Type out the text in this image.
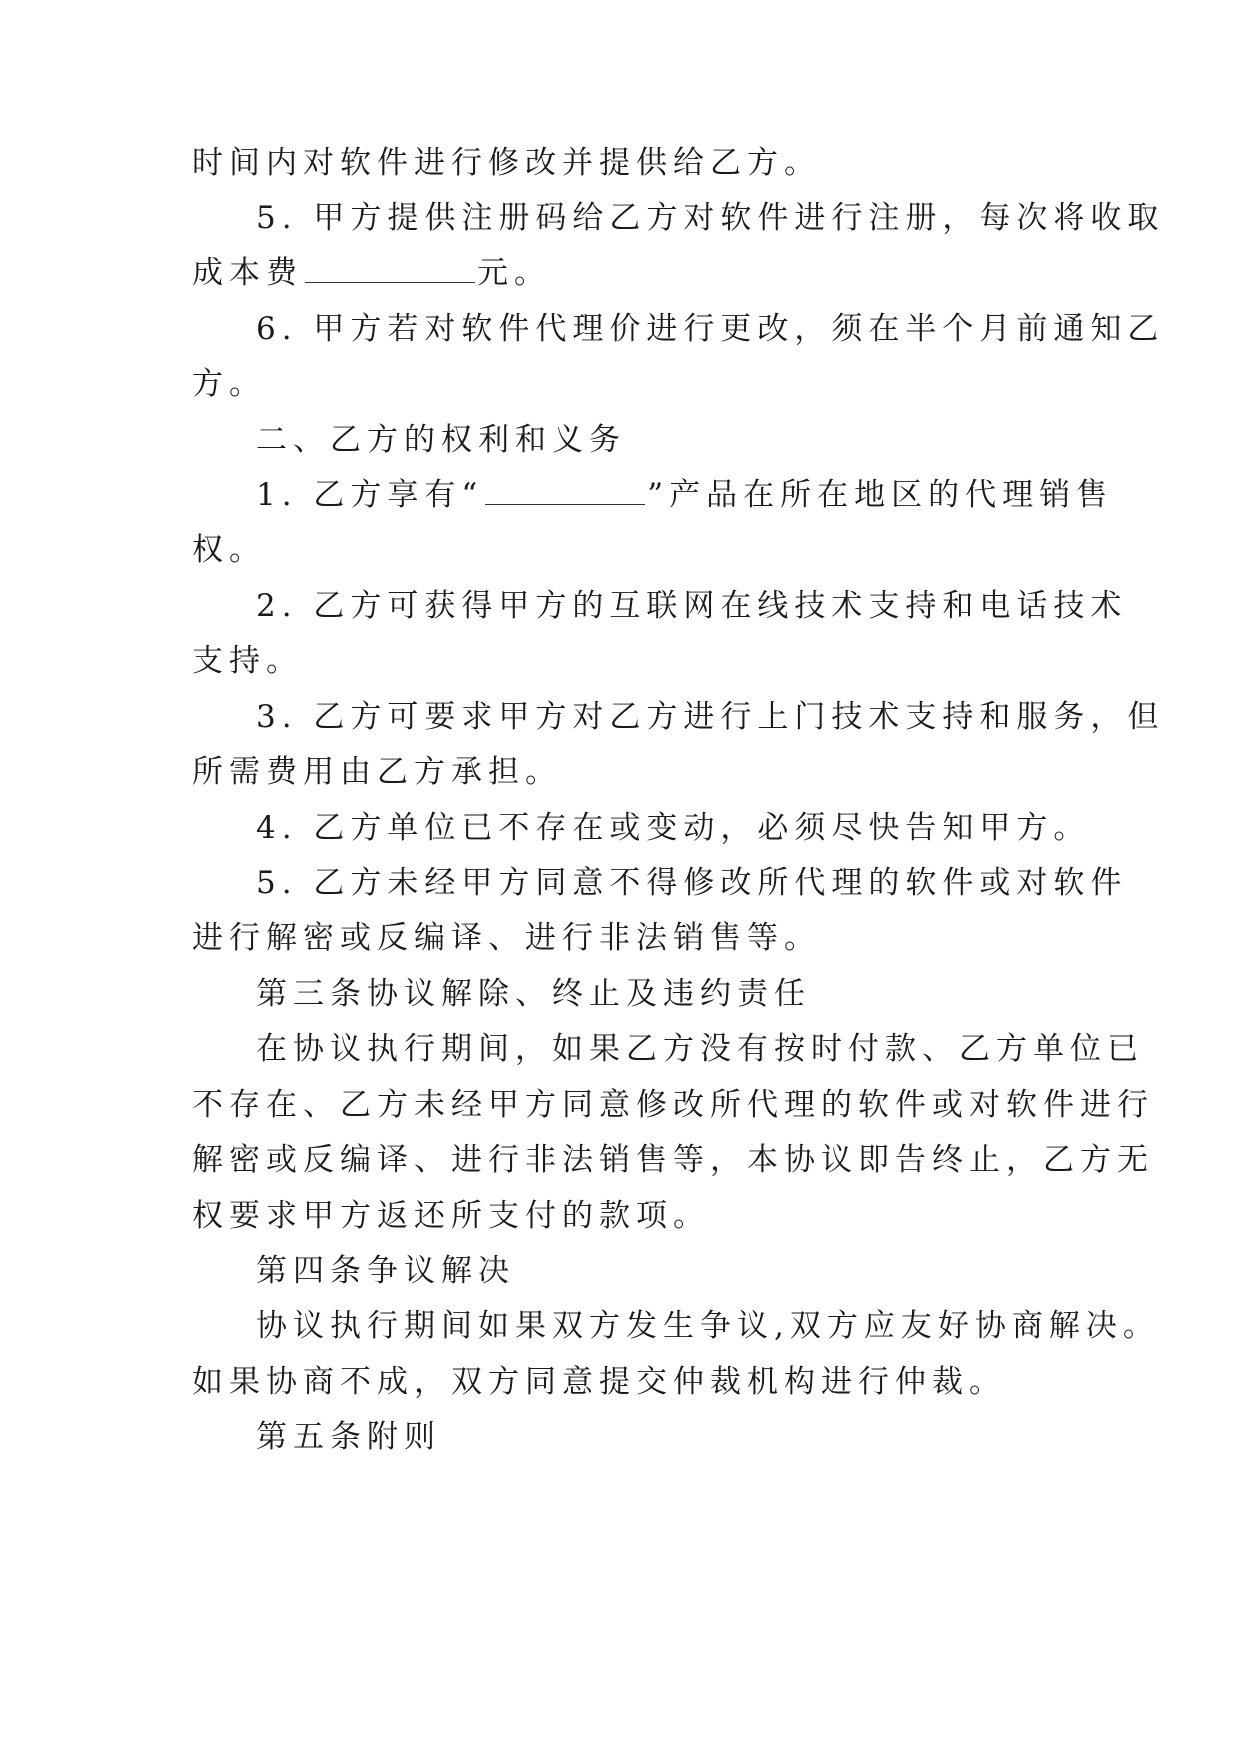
时间内对软件进行修改并提供给乙方。
5. 甲方提供注册码给乙方对软件进行注册，每次将收取
成本费	元。
6. 甲方若对软件代理价进行更改，须在半个月前通知乙
方。
二、乙方的权利和义务
1. 乙方享有“	”产品在所在地区的代理销售
权。
2. 乙方可获得甲方的互联网在线技术支持和电话技术
支持。
3. 乙方可要求甲方对乙方进行上门技术支持和服务，但
所需费用由乙方承担。
4. 乙方单位已不存在或变动，必须尽快告知甲方。
5. 乙方未经甲方同意不得修改所代理的软件或对软件
进行解密或反编译、进行非法销售等。
第三条协议解除、终止及违约责任
在协议执行期间，如果乙方没有按时付款、乙方单位已
不存在、乙方未经甲方同意修改所代理的软件或对软件进行
解密或反编译、进行非法销售等，本协议即告终止，乙方无
权要求甲方返还所支付的款项。
第四条争议解决
协议执行期间如果双方发生争议,双方应友好协商解决。
如果协商不成，双方同意提交仲裁机构进行仲裁。
第五条附则
